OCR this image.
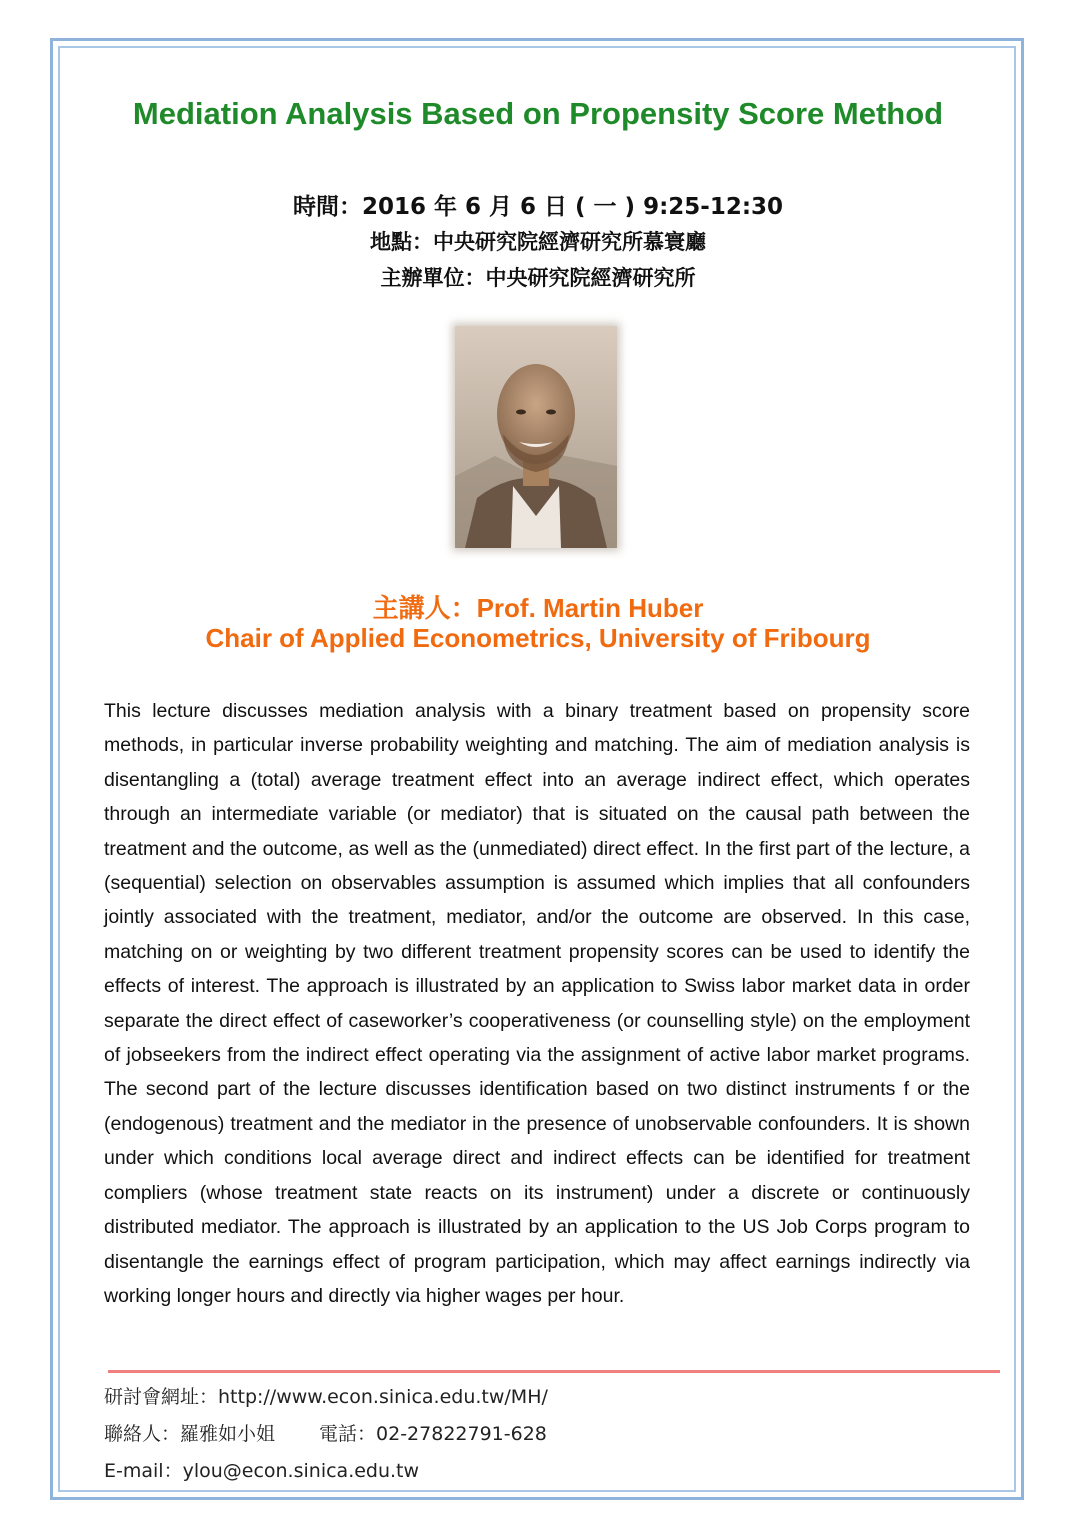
Mediation Analysis Based on Propensity Score Method
時間：2016 年 6 月 6 日 ( 一 ) 9:25-12:30
地點：中央研究院經濟研究所慕寰廳
主辦單位：中央研究院經濟研究所
主講人：Prof. Martin Huber
Chair of Applied Econometrics, University of Fribourg

This lecture discusses mediation analysis with a binary treatment based on propensity score methods, in particular inverse probability weighting and matching. The aim of mediation analysis is disentangling a (total) average treatment effect into an average indirect effect, which operates through an intermediate variable (or mediator) that is situated on the causal path between the treatment and the outcome, as well as the (unmediated) direct effect. In the first part of the lecture, a (sequential) selection on observables assumption is assumed which implies that all confounders jointly associated with the treatment, mediator, and/or the outcome are observed. In this case, matching on or weighting by two different treatment propensity scores can be used to identify the effects of interest. The approach is illustrated by an application to Swiss labor market data in order separate the direct effect of caseworker’s cooperativeness (or counselling style) on the employment of jobseekers from the indirect effect operating via the assignment of active labor market programs. The second part of the lecture discusses identification based on two distinct instruments f or the (endogenous) treatment and the mediator in the presence of unobservable confounders. It is shown under which conditions local average direct and indirect effects can be identified for treatment compliers (whose treatment state reacts on its instrument) under a discrete or continuously distributed mediator. The approach is illustrated by an application to the US Job Corps program to disentangle the earnings effect of program participation, which may affect earnings indirectly via working longer hours and directly via higher wages per hour.

研討會網址：http://www.econ.sinica.edu.tw/MH/
聯絡人：羅雅如小姐 電話：02-27822791-628
E-mail：ylou@econ.sinica.edu.tw
